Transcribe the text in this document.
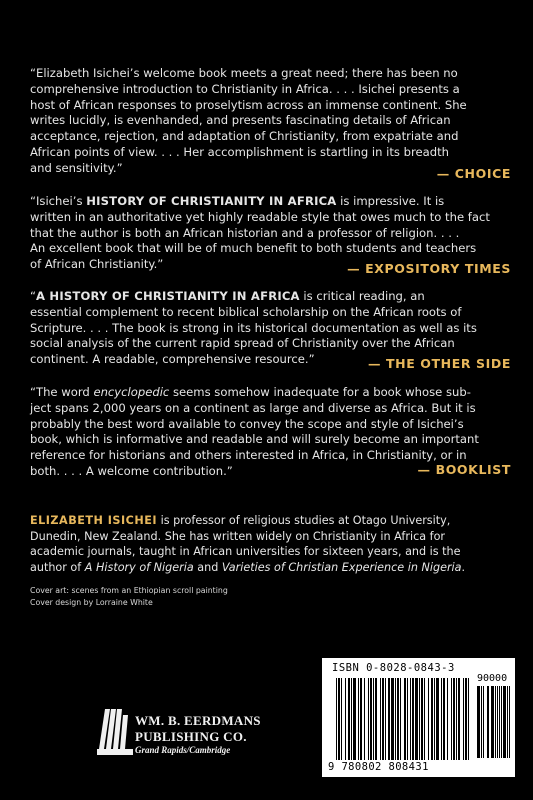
“Elizabeth Isichei’s welcome book meets a great need; there has been no
comprehensive introduction to Christianity in Africa. . . . Isichei presents a
host of African responses to proselytism across an immense continent. She
writes lucidly, is evenhanded, and presents fascinating details of African
acceptance, rejection, and adaptation of Christianity, from expatriate and
African points of view. . . . Her accomplishment is startling in its breadth
and sensitivity.”	— CHOICE
“Isichei’s HISTORY OF CHRISTIANITY IN AFRICA is impressive. It is
written in an authoritative yet highly readable style that owes much to the fact
that the author is both an African historian and a professor of religion. . . .
An excellent book that will be of much benefit to both students and teachers
of African Christianity.”	— EXPOSITORY TIMES
“A HISTORY OF CHRISTIANITY IN AFRICA is critical reading, an
essential complement to recent biblical scholarship on the African roots of
Scripture. . . . The book is strong in its historical documentation as well as its
social analysis of the current rapid spread of Christianity over the African
continent. A readable, comprehensive resource.”	— THE OTHER SIDE
“The word encyclopedic seems somehow inadequate for a book whose sub-
ject spans 2,000 years on a continent as large and diverse as Africa. But it is
probably the best word available to convey the scope and style of Isichei’s
book, which is informative and readable and will surely become an important
reference for historians and others interested in Africa, in Christianity, or in
both. . . . A welcome contribution.”	— BOOKLIST
ELIZABETH ISICHEI is professor of religious studies at Otago University,
Dunedin, New Zealand. She has written widely on Christianity in Africa for
academic journals, taught in African universities for sixteen years, and is the
author of A History of Nigeria and Varieties of Christian Experience in Nigeria.
Cover art: scenes from an Ethiopian scroll painting
Cover design by Lorraine White
WM. B. EERDMANS
PUBLISHING CO.
Grand Rapids/Cambridge
ISBN 0-8028-0843-3
90000
9 780802 808431
